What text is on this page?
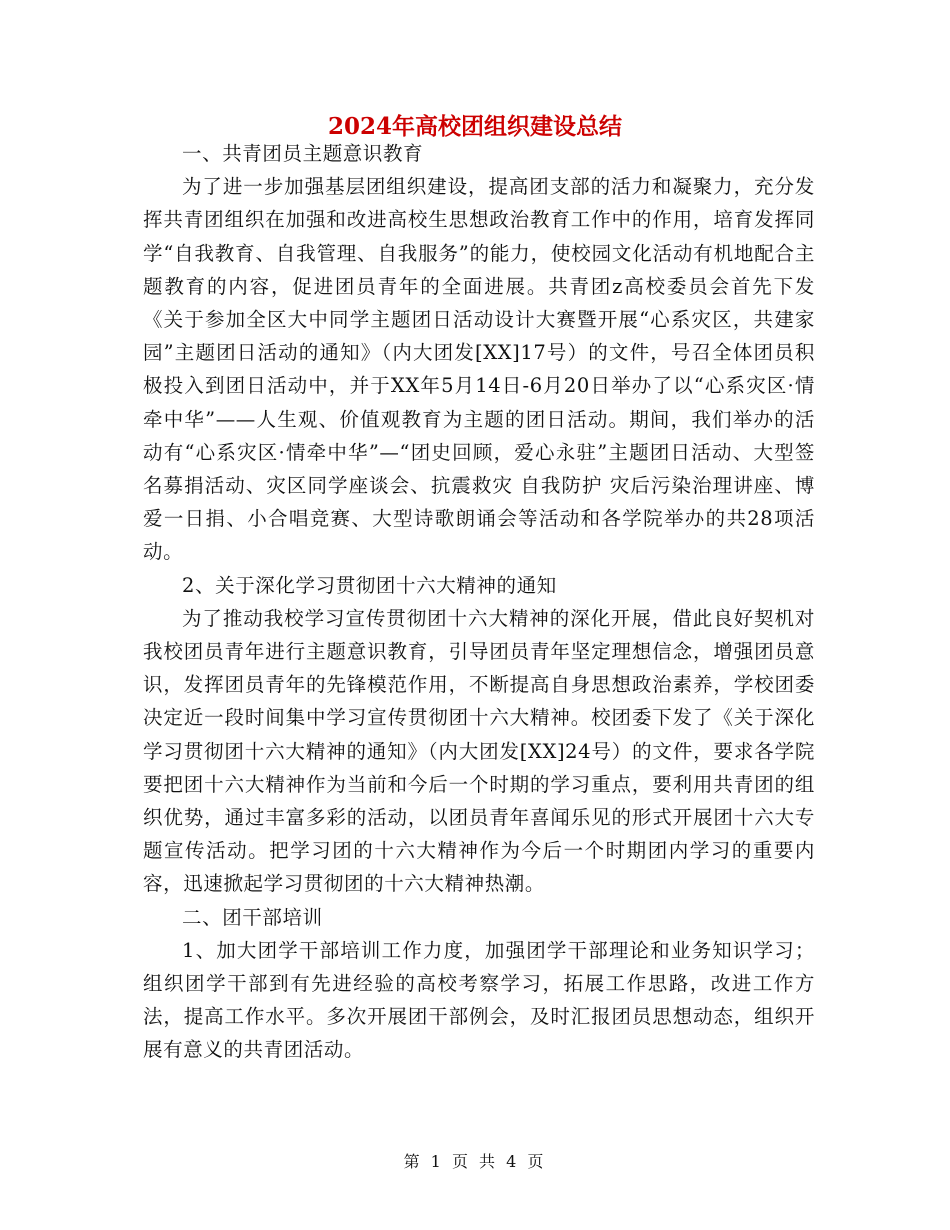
2024年高校团组织建设总结

一、共青团员主题意识教育

为了进一步加强基层团组织建设，提高团支部的活力和凝聚力，充分发挥共青团组织在加强和改进高校生思想政治教育工作中的作用，培育发挥同学“自我教育、自我管理、自我服务”的能力，使校园文化活动有机地配合主题教育的内容，促进团员青年的全面进展。共青团z高校委员会首先下发《关于参加全区大中同学主题团日活动设计大赛暨开展“心系灾区，共建家园”主题团日活动的通知》（内大团发[XX]17号）的文件，号召全体团员积极投入到团日活动中，并于XX年5月14日-6月20日举办了以“心系灾区·情牵中华”——人生观、价值观教育为主题的团日活动。期间，我们举办的活动有“心系灾区·情牵中华”—“团史回顾，爱心永驻”主题团日活动、大型签名募捐活动、灾区同学座谈会、抗震救灾 自我防护 灾后污染治理讲座、博爱一日捐、小合唱竞赛、大型诗歌朗诵会等活动和各学院举办的共28项活动。

2、关于深化学习贯彻团十六大精神的通知

为了推动我校学习宣传贯彻团十六大精神的深化开展，借此良好契机对我校团员青年进行主题意识教育，引导团员青年坚定理想信念，增强团员意识，发挥团员青年的先锋模范作用，不断提高自身思想政治素养，学校团委决定近一段时间集中学习宣传贯彻团十六大精神。校团委下发了《关于深化学习贯彻团十六大精神的通知》（内大团发[XX]24号）的文件，要求各学院要把团十六大精神作为当前和今后一个时期的学习重点，要利用共青团的组织优势，通过丰富多彩的活动，以团员青年喜闻乐见的形式开展团十六大专题宣传活动。把学习团的十六大精神作为今后一个时期团内学习的重要内容，迅速掀起学习贯彻团的十六大精神热潮。

二、团干部培训

1、加大团学干部培训工作力度，加强团学干部理论和业务知识学习；组织团学干部到有先进经验的高校考察学习，拓展工作思路，改进工作方法，提高工作水平。多次开展团干部例会，及时汇报团员思想动态，组织开展有意义的共青团活动。

第 1 页 共 4 页
